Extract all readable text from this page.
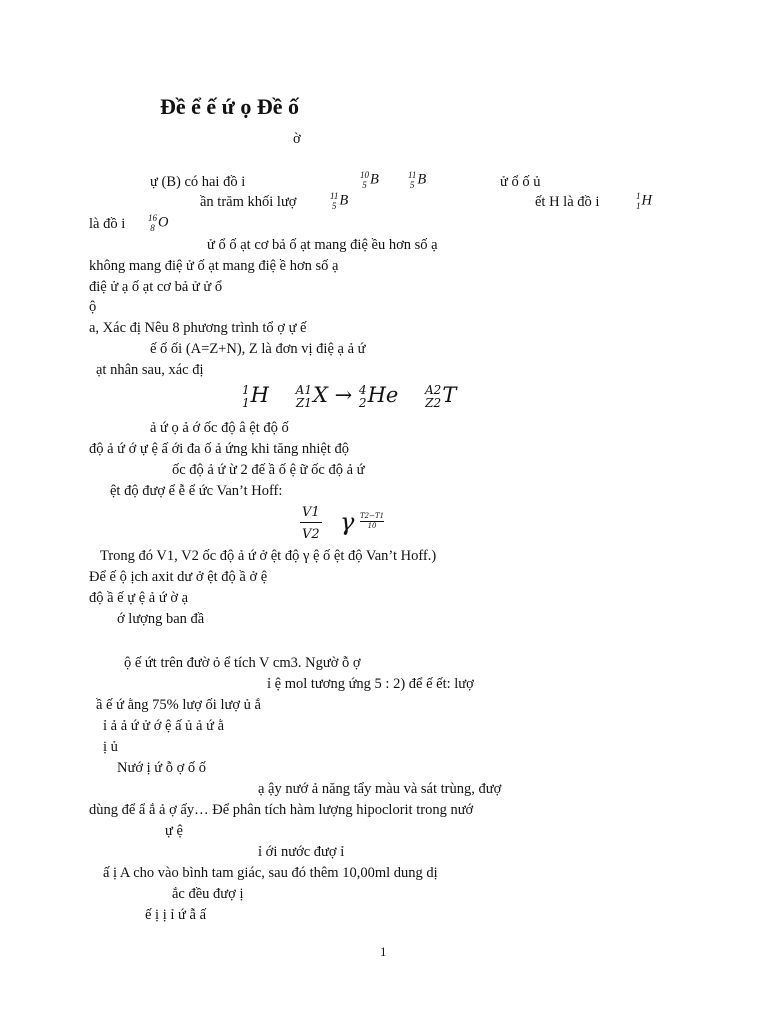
Đề ể ế ứ ọ Đề ố
ờ
ự (B) có hai đồ i
ần trăm khối lượ
là đồ i
ử ổ ố ạt cơ bả ố ạt mang điệ ều hơn số ạ
không mang điệ ử ố ạt mang điệ ề hơn số ạ
điệ ử ạ ố ạt cơ bả ử ử ổ
ộ
a, Xác đị Nêu 8 phương trình tổ ợ ự ế
ế ố ối (A=Z+N), Z là đơn vị điệ ạ ả ứ
ạt nhân sau, xác đị
ả ứ ọ ả ớ ốc độ â ệt độ ố
độ ả ứ ớ ự ệ ấ ới đa ố ả ứng khi tăng nhiệt độ
ốc độ ả ứ ừ 2 đế ầ ố ệ ữ ốc độ ả ứ
ệt độ đượ ể ễ ể ức Van’t Hoff:
Trong đó V1, V2 ốc độ ả ứ ở ệt độ γ ệ ố ệt độ Van’t Hoff.)
Để ế ộ ịch axit dư ở ệt độ ầ ở ệ
độ ầ ế ự ệ ả ứ ờ ạ
ớ lượng ban đầ
ộ ế ứt trên đườ ỏ ể tích V cm3. Ngườ ỗ ợ
ỉ ệ mol tương ứng 5 : 2) để ế ết: lượ
ầ ế ứ ằng 75% lượ ối lượ ủ ắ
ỉ ả ả ứ ử ớ ệ ấ ủ ả ứ ằ
ị ủ
Nướ ị ứ ỗ ợ ố ố
ạ ậy nướ ả năng tẩy màu và sát trùng, đượ
dùng để ẩ ắ ả ợ ấy… Để phân tích hàm lượng hipoclorit trong nướ
ự ệ
ỉ ới nước đượ ỉ
ấ ị A cho vào bình tam giác, sau đó thêm 10,00ml dung dị
ắc đều đượ ị
ế ị ị ỉ ứ ẫ ấ
10
5 B	11
5 B	ử ổ ố ủ
11
5 B	ết H là đồ i	1
1H
16
8 O
1
1H A1
Z1X → 4
2He A2
Z2T
$\frac{V1}{V2}$ γ T2−T1
10
1
